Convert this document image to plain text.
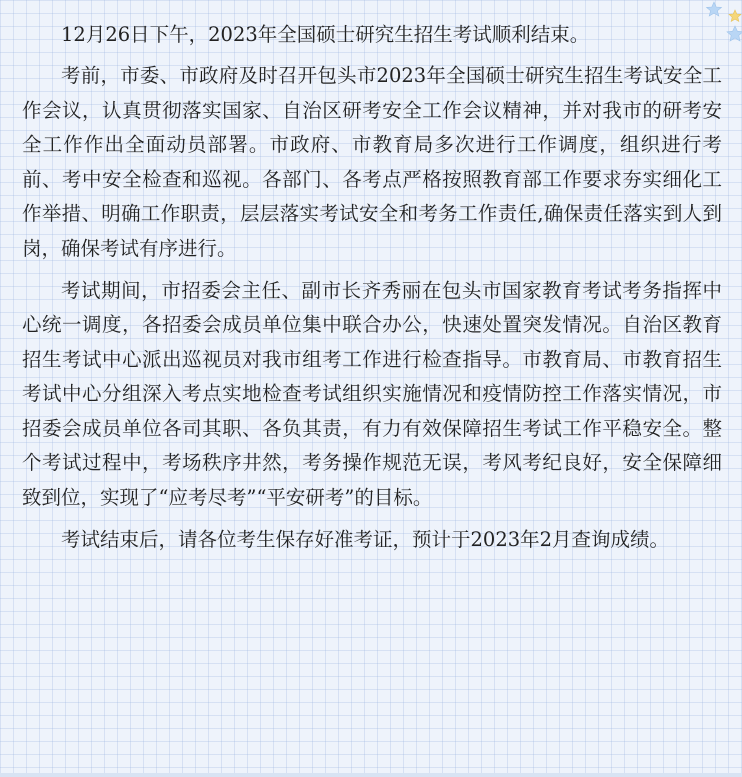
12月26日下午，2023年全国硕士研究生招生考试顺利结束。

考前，市委、市政府及时召开包头市2023年全国硕士研究生招生考试安全工作会议，认真贯彻落实国家、自治区研考安全工作会议精神，并对我市的研考安全工作作出全面动员部署。市政府、市教育局多次进行工作调度，组织进行考前、考中安全检查和巡视。各部门、各考点严格按照教育部工作要求夯实细化工作举措、明确工作职责，层层落实考试安全和考务工作责任,确保责任落实到人到岗，确保考试有序进行。

考试期间，市招委会主任、副市长齐秀丽在包头市国家教育考试考务指挥中心统一调度，各招委会成员单位集中联合办公，快速处置突发情况。自治区教育招生考试中心派出巡视员对我市组考工作进行检查指导。市教育局、市教育招生考试中心分组深入考点实地检查考试组织实施情况和疫情防控工作落实情况，市招委会成员单位各司其职、各负其责，有力有效保障招生考试工作平稳安全。整个考试过程中，考场秩序井然，考务操作规范无误，考风考纪良好，安全保障细致到位，实现了“应考尽考”“平安研考”的目标。

考试结束后，请各位考生保存好准考证，预计于2023年2月查询成绩。
